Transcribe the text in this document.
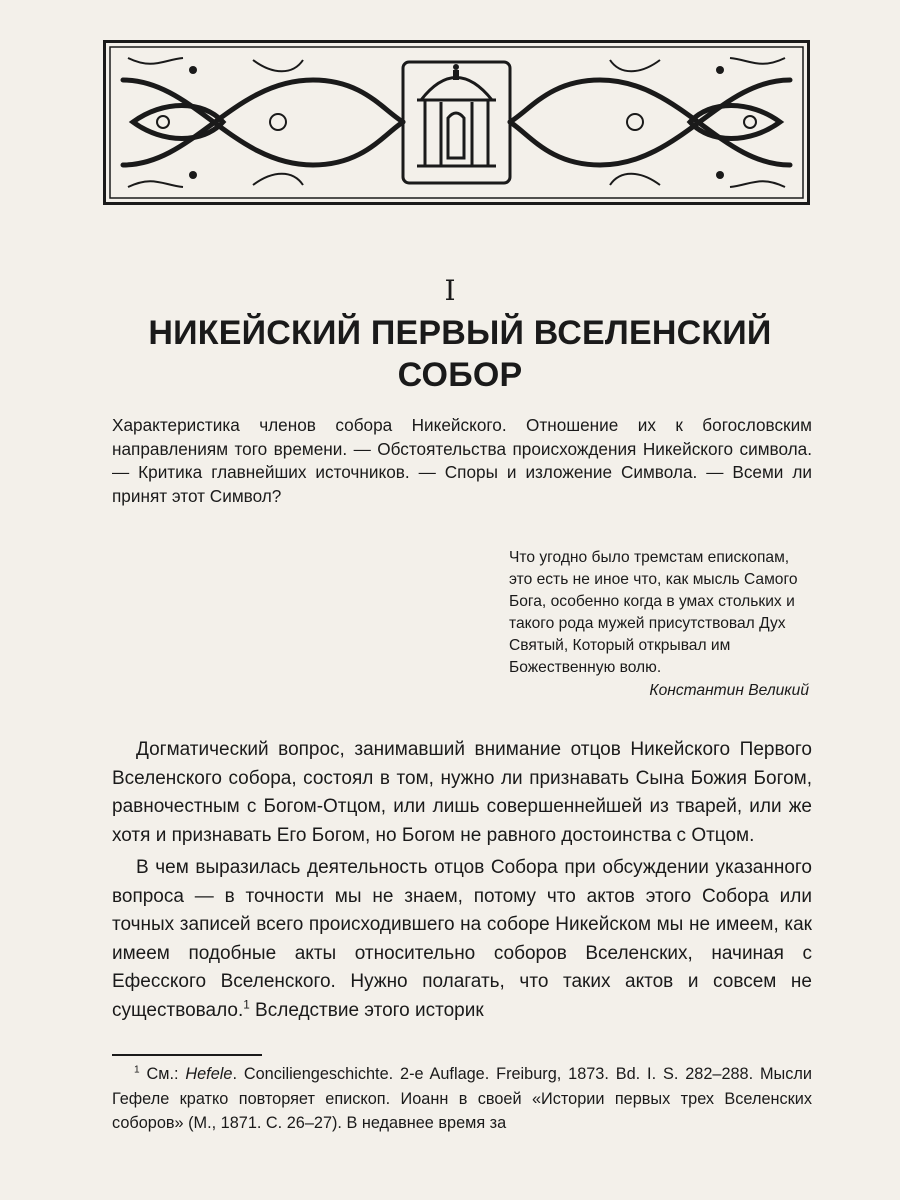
I
НИКЕЙСКИЙ ПЕРВЫЙ ВСЕЛЕНСКИЙ СОБОР
Характеристика членов собора Никейского. Отношение их к богословским направлениям того времени. — Обстоятельства происхождения Никейского символа. — Критика главнейших источников. — Споры и изложение Символа. — Всеми ли принят этот Символ?
Что угодно было тремстам епископам, это есть не иное что, как мысль Самого Бога, особенно когда в умах стольких и такого рода мужей присутствовал Дух Святый, Который открывал им Божественную волю.
Константин Великий

Догматический вопрос, занимавший внимание отцов Никейского Первого Вселенского собора, состоял в том, нужно ли признавать Сына Божия Богом, равночестным с Богом-Отцом, или лишь совершеннейшей из тварей, или же хотя и признавать Его Богом, но Богом не равного достоинства с Отцом.

В чем выразилась деятельность отцов Собора при обсуждении указанного вопроса — в точности мы не знаем, потому что актов этого Собора или точных записей всего происходившего на соборе Никейском мы не имеем, как имеем подобные акты относительно соборов Вселенских, начиная с Ефесского Вселенского. Нужно полагать, что таких актов и совсем не существовало.$^1$ Вследствие этого историк

$^1$ См.: Hefele. Conciliengeschichte. 2-e Auflage. Freiburg, 1873. Bd. I. S. 282–288. Мысли Гефеле кратко повторяет епископ. Иоанн в своей «Истории первых трех Вселенских соборов» (М., 1871. С. 26–27). В недавнее время за
